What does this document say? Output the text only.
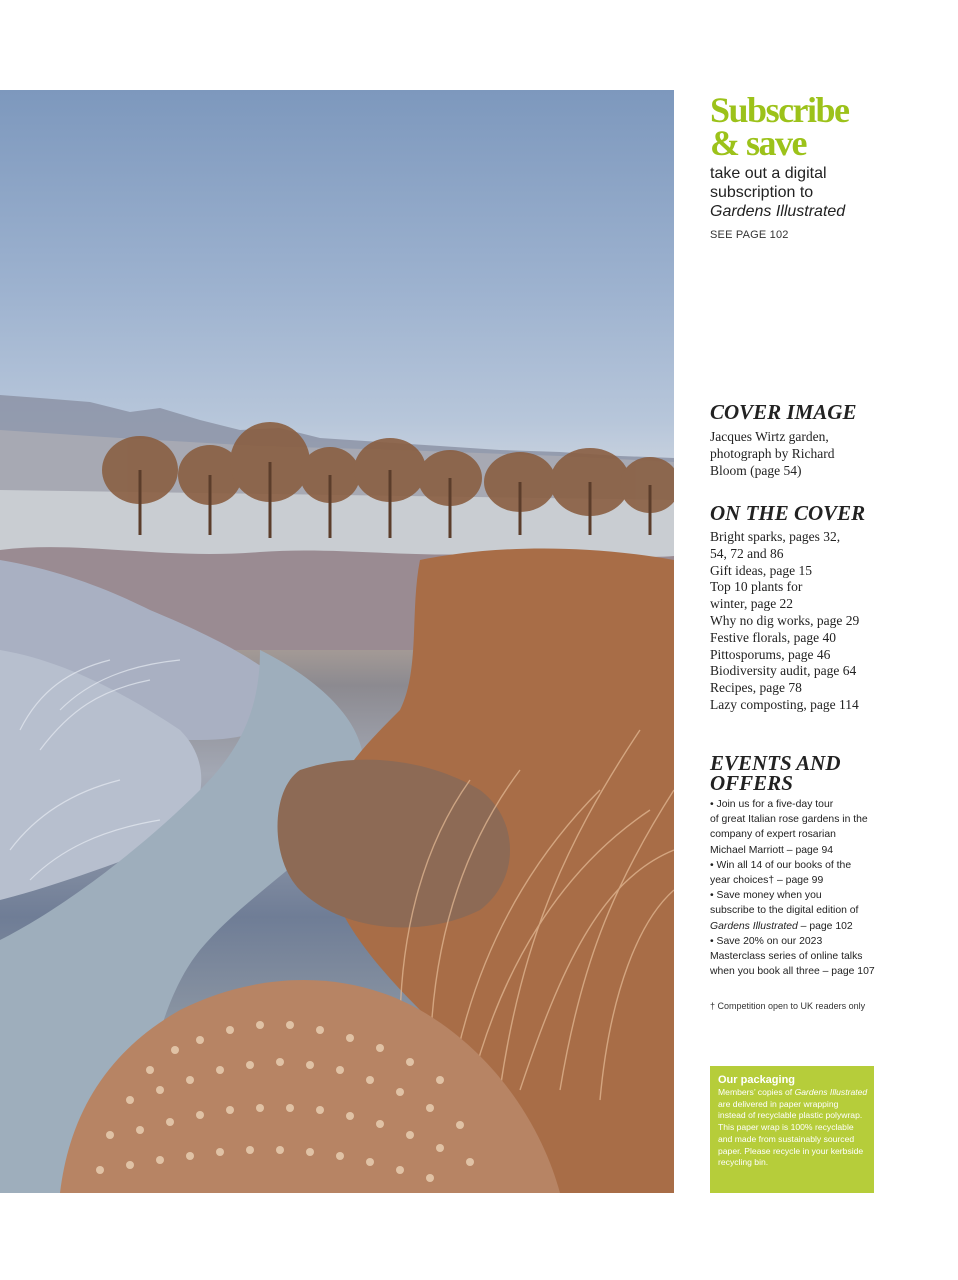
Subscribe
& save
take out a digital
subscription to
Gardens Illustrated
SEE PAGE 102
COVER IMAGE
Jacques Wirtz garden,
photograph by Richard
Bloom (page 54)
ON THE COVER
Bright sparks, pages 32,
54, 72 and 86
Gift ideas, page 15
Top 10 plants for
winter, page 22
Why no dig works, page 29
Festive florals, page 40
Pittosporums, page 46
Biodiversity audit, page 64
Recipes, page 78
Lazy composting, page 114
EVENTS AND
OFFERS
• Join us for a five-day tour
of great Italian rose gardens in the
company of expert rosarian
Michael Marriott – page 94
• Win all 14 of our books of the
year choices† – page 99
• Save money when you
subscribe to the digital edition of
Gardens Illustrated – page 102
• Save 20% on our 2023
Masterclass series of online talks
when you book all three – page 107
† Competition open to UK readers only
Our packaging
Members’ copies of Gardens Illustrated are delivered in paper wrapping instead of recyclable plastic polywrap. This paper wrap is 100% recyclable and made from sustainably sourced paper. Please recycle in your kerbside recycling bin.
